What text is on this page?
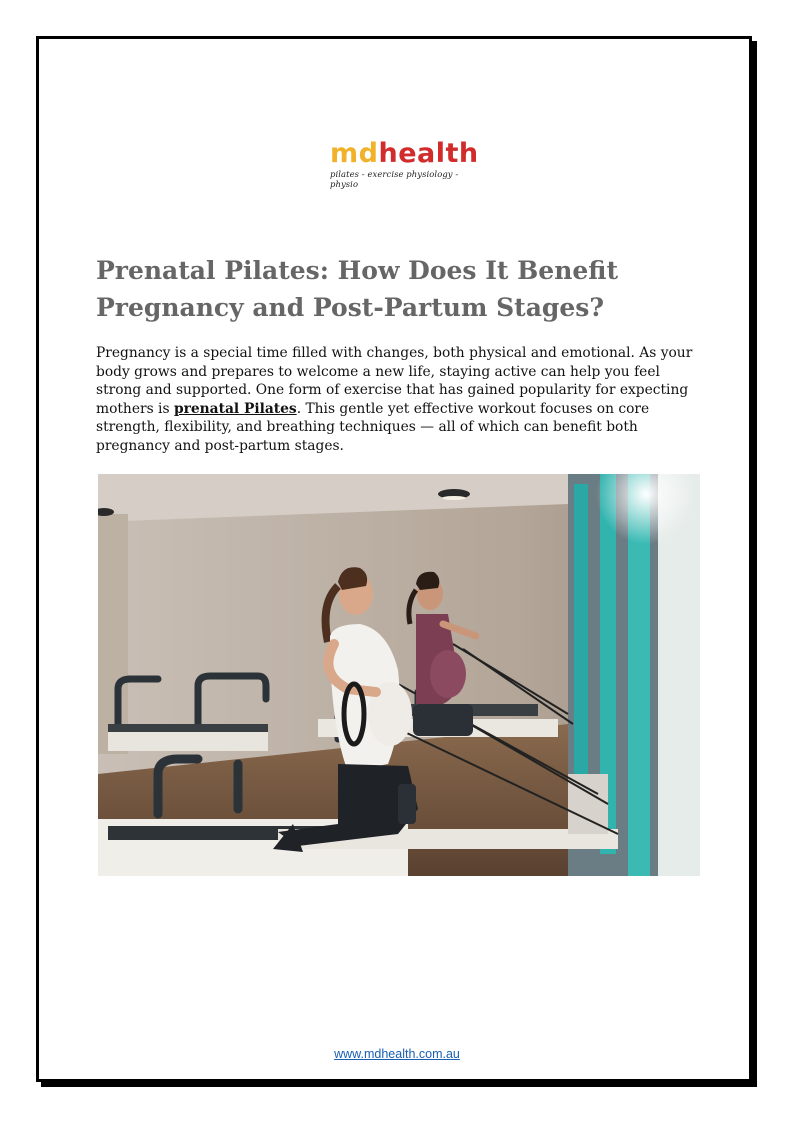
mdhealth
pilates - exercise physiology - physio
Prenatal Pilates: How Does It Benefit Pregnancy and Post-Partum Stages?

Pregnancy is a special time filled with changes, both physical and emotional. As your body grows and prepares to welcome a new life, staying active can help you feel strong and supported. One form of exercise that has gained popularity for expecting mothers is prenatal Pilates. This gentle yet effective workout focuses on core strength, flexibility, and breathing techniques — all of which can benefit both pregnancy and post-partum stages.

www.mdhealth.com.au
